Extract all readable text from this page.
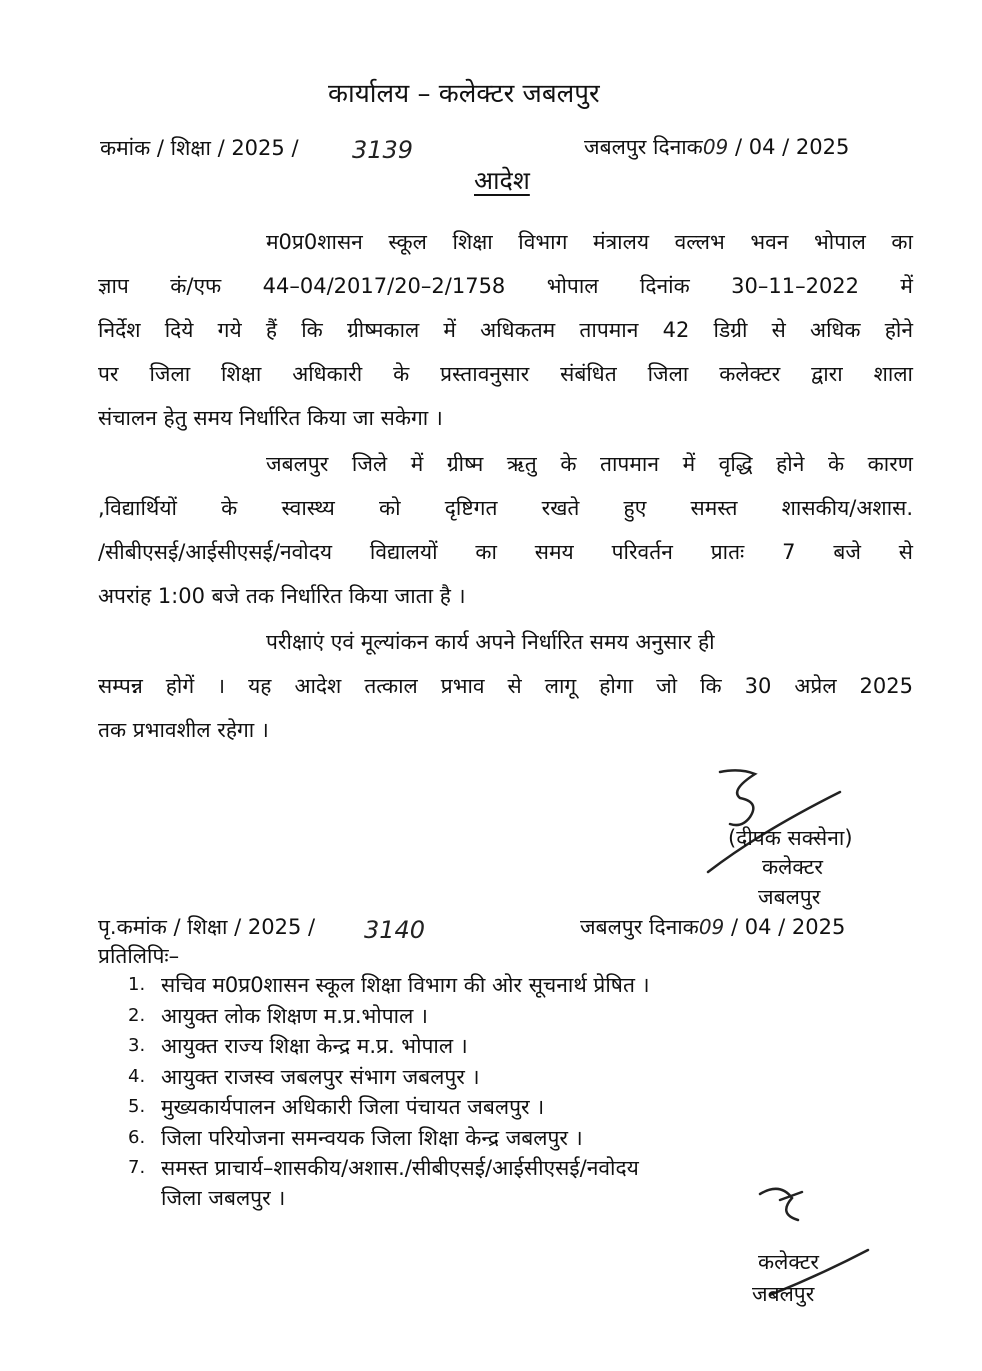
कार्यालय – कलेक्टर जबलपुर
कमांक / शिक्षा / 2025 / 3139	जबलपुर दिनाक09 / 04 / 2025
आदेश
म0प्र0शासन स्कूल शिक्षा विभाग मंत्रालय वल्लभ भवन भोपाल का
ज्ञाप कं/एफ 44–04/2017/20–2/1758 भोपाल दिनांक 30–11–2022 में
निर्देश दिये गये हैं कि ग्रीष्मकाल में अधिकतम तापमान 42 डिग्री से अधिक होने
पर जिला शिक्षा अधिकारी के प्रस्तावनुसार संबंधित जिला कलेक्टर द्वारा शाला
संचालन हेतु समय निर्धारित किया जा सकेगा ।
जबलपुर जिले में ग्रीष्म ऋतु के तापमान में वृद्धि होने के कारण
,विद्यार्थियों के स्वास्थ्य को दृष्टिगत रखते हुए समस्त शासकीय/अशास.
/सीबीएसई/आईसीएसई/नवोदय विद्यालयों का समय परिवर्तन प्रातः 7 बजे से
अपरांह 1:00 बजे तक निर्धारित किया जाता है ।
परीक्षाएं एवं मूल्यांकन कार्य अपने निर्धारित समय अनुसार ही
सम्पन्न होगें । यह आदेश तत्काल प्रभाव से लागू होगा जो कि 30 अप्रेल 2025
तक प्रभावशील रहेगा ।
(दीपक सक्सेना)
कलेक्टर
जबलपुर
पृ.कमांक / शिक्षा / 2025 / 3140	जबलपुर दिनाक09 / 04 / 2025
प्रतिलिपिः–
1. सचिव म0प्र0शासन स्कूल शिक्षा विभाग की ओर सूचनार्थ प्रेषित ।
2. आयुक्त लोक शिक्षण म.प्र.भोपाल ।
3. आयुक्त राज्य शिक्षा केन्द्र म.प्र. भोपाल ।
4. आयुक्त राजस्व जबलपुर संभाग जबलपुर ।
5. मुख्यकार्यपालन अधिकारी जिला पंचायत जबलपुर ।
6. जिला परियोजना समन्वयक जिला शिक्षा केन्द्र जबलपुर ।
7. समस्त प्राचार्य–शासकीय/अशास./सीबीएसई/आईसीएसई/नवोदय
जिला जबलपुर ।
कलेक्टर
जबलपुर
